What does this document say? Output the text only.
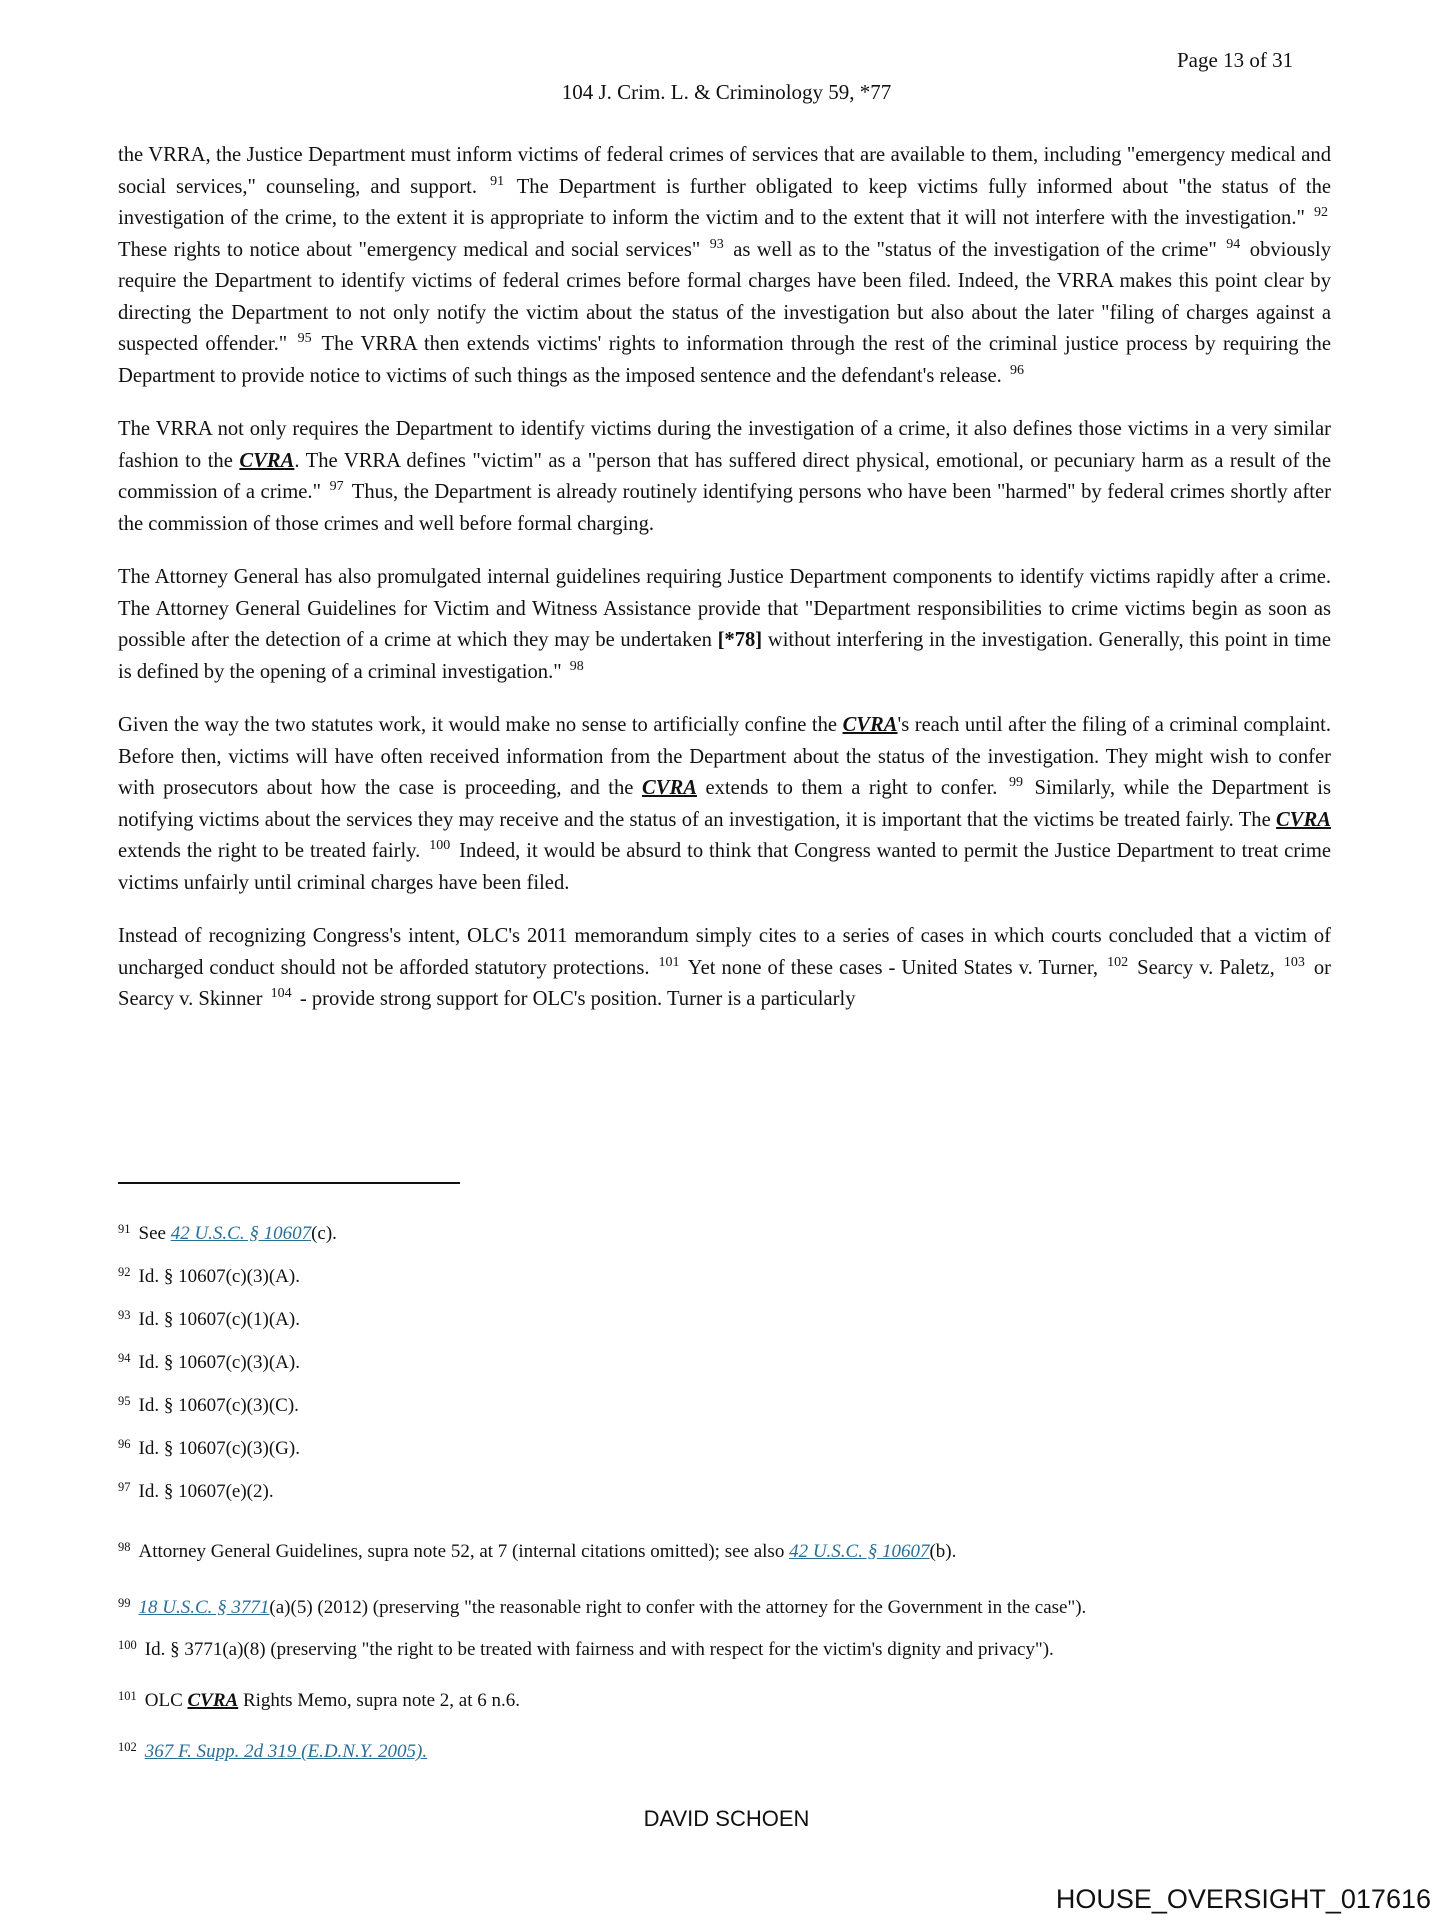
Page 13 of 31
104 J. Crim. L. & Criminology 59, *77

the VRRA, the Justice Department must inform victims of federal crimes of services that are available to them, including "emergency medical and social services," counseling, and support. $^{91}$ The Department is further obligated to keep victims fully informed about "the status of the investigation of the crime, to the extent it is appropriate to inform the victim and to the extent that it will not interfere with the investigation." $^{92}$ These rights to notice about "emergency medical and social services" $^{93}$ as well as to the "status of the investigation of the crime" $^{94}$ obviously require the Department to identify victims of federal crimes before formal charges have been filed. Indeed, the VRRA makes this point clear by directing the Department to not only notify the victim about the status of the investigation but also about the later "filing of charges against a suspected offender." $^{95}$ The VRRA then extends victims' rights to information through the rest of the criminal justice process by requiring the Department to provide notice to victims of such things as the imposed sentence and the defendant's release. $^{96}$

The VRRA not only requires the Department to identify victims during the investigation of a crime, it also defines those victims in a very similar fashion to the CVRA. The VRRA defines "victim" as a "person that has suffered direct physical, emotional, or pecuniary harm as a result of the commission of a crime." $^{97}$ Thus, the Department is already routinely identifying persons who have been "harmed" by federal crimes shortly after the commission of those crimes and well before formal charging.

The Attorney General has also promulgated internal guidelines requiring Justice Department components to identify victims rapidly after a crime. The Attorney General Guidelines for Victim and Witness Assistance provide that "Department responsibilities to crime victims begin as soon as possible after the detection of a crime at which they may be undertaken [*78] without interfering in the investigation. Generally, this point in time is defined by the opening of a criminal investigation." $^{98}$

Given the way the two statutes work, it would make no sense to artificially confine the CVRA's reach until after the filing of a criminal complaint. Before then, victims will have often received information from the Department about the status of the investigation. They might wish to confer with prosecutors about how the case is proceeding, and the CVRA extends to them a right to confer. $^{99}$ Similarly, while the Department is notifying victims about the services they may receive and the status of an investigation, it is important that the victims be treated fairly. The CVRA extends the right to be treated fairly. $^{100}$ Indeed, it would be absurd to think that Congress wanted to permit the Justice Department to treat crime victims unfairly until criminal charges have been filed.

Instead of recognizing Congress's intent, OLC's 2011 memorandum simply cites to a series of cases in which courts concluded that a victim of uncharged conduct should not be afforded statutory protections. $^{101}$ Yet none of these cases - United States v. Turner, $^{102}$ Searcy v. Paletz, $^{103}$ or Searcy v. Skinner $^{104}$ - provide strong support for OLC's position. Turner is a particularly

$^{91}$ See 42 U.S.C. § 10607(c).
$^{92}$ Id. § 10607(c)(3)(A).
$^{93}$ Id. § 10607(c)(1)(A).
$^{94}$ Id. § 10607(c)(3)(A).
$^{95}$ Id. § 10607(c)(3)(C).
$^{96}$ Id. § 10607(c)(3)(G).
$^{97}$ Id. § 10607(e)(2).
$^{98}$ Attorney General Guidelines, supra note 52, at 7 (internal citations omitted); see also 42 U.S.C. § 10607(b).
$^{99}$ 18 U.S.C. § 3771(a)(5) (2012) (preserving "the reasonable right to confer with the attorney for the Government in the case").
$^{100}$ Id. § 3771(a)(8) (preserving "the right to be treated with fairness and with respect for the victim's dignity and privacy").
$^{101}$ OLC CVRA Rights Memo, supra note 2, at 6 n.6.
$^{102}$ 367 F. Supp. 2d 319 (E.D.N.Y. 2005).
DAVID SCHOEN
HOUSE_OVERSIGHT_017616
